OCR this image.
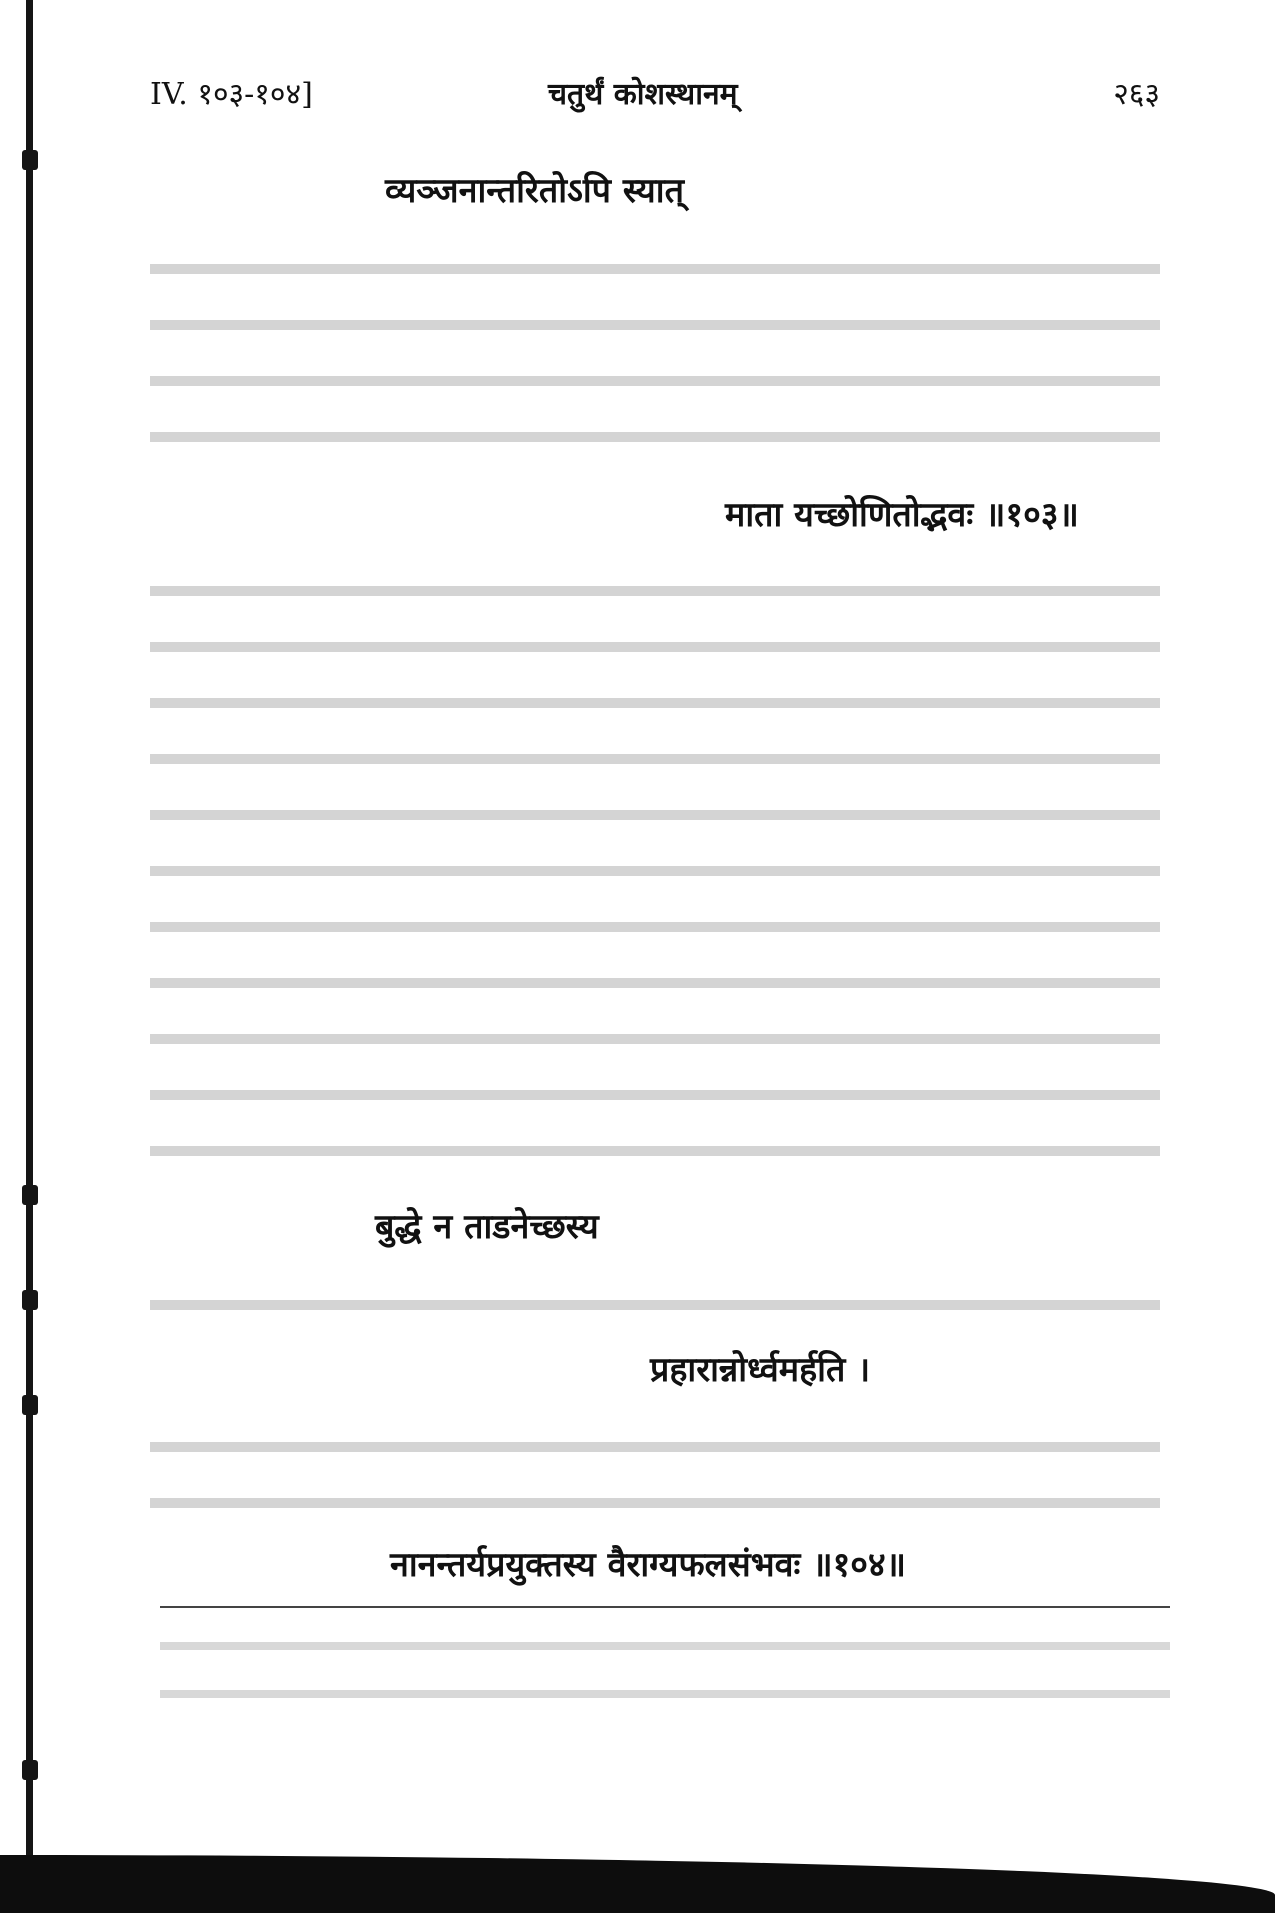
IV. १०३-१०४]	चतुर्थं कोशस्थानम्	२६३
व्यञ्जनान्तरितोऽपि स्यात्
माता यच्छोणितोद्भवः ॥१०३॥
बुद्धे न ताडनेच्छस्य
प्रहारान्नोर्ध्वमर्हति ।
नानन्तर्यप्रयुक्तस्य वैराग्यफलसंभवः ॥१०४॥
